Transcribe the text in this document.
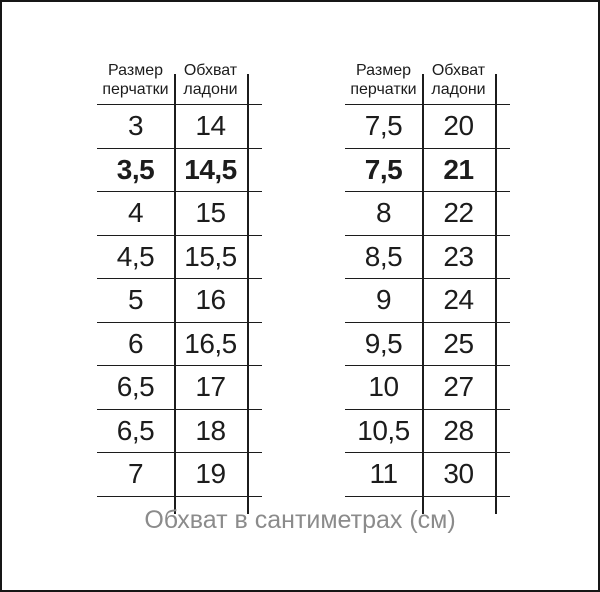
Размер перчатки
Обхват ладони
3	14
3,5	14,5
4	15
4,5	15,5
5	16
6	16,5
6,5	17
6,5	18
7	19
Размер перчатки
Обхват ладони
7,5	20
7,5	21
8	22
8,5	23
9	24
9,5	25
10	27
10,5	28
11	30
Обхват в сантиметрах (см)
